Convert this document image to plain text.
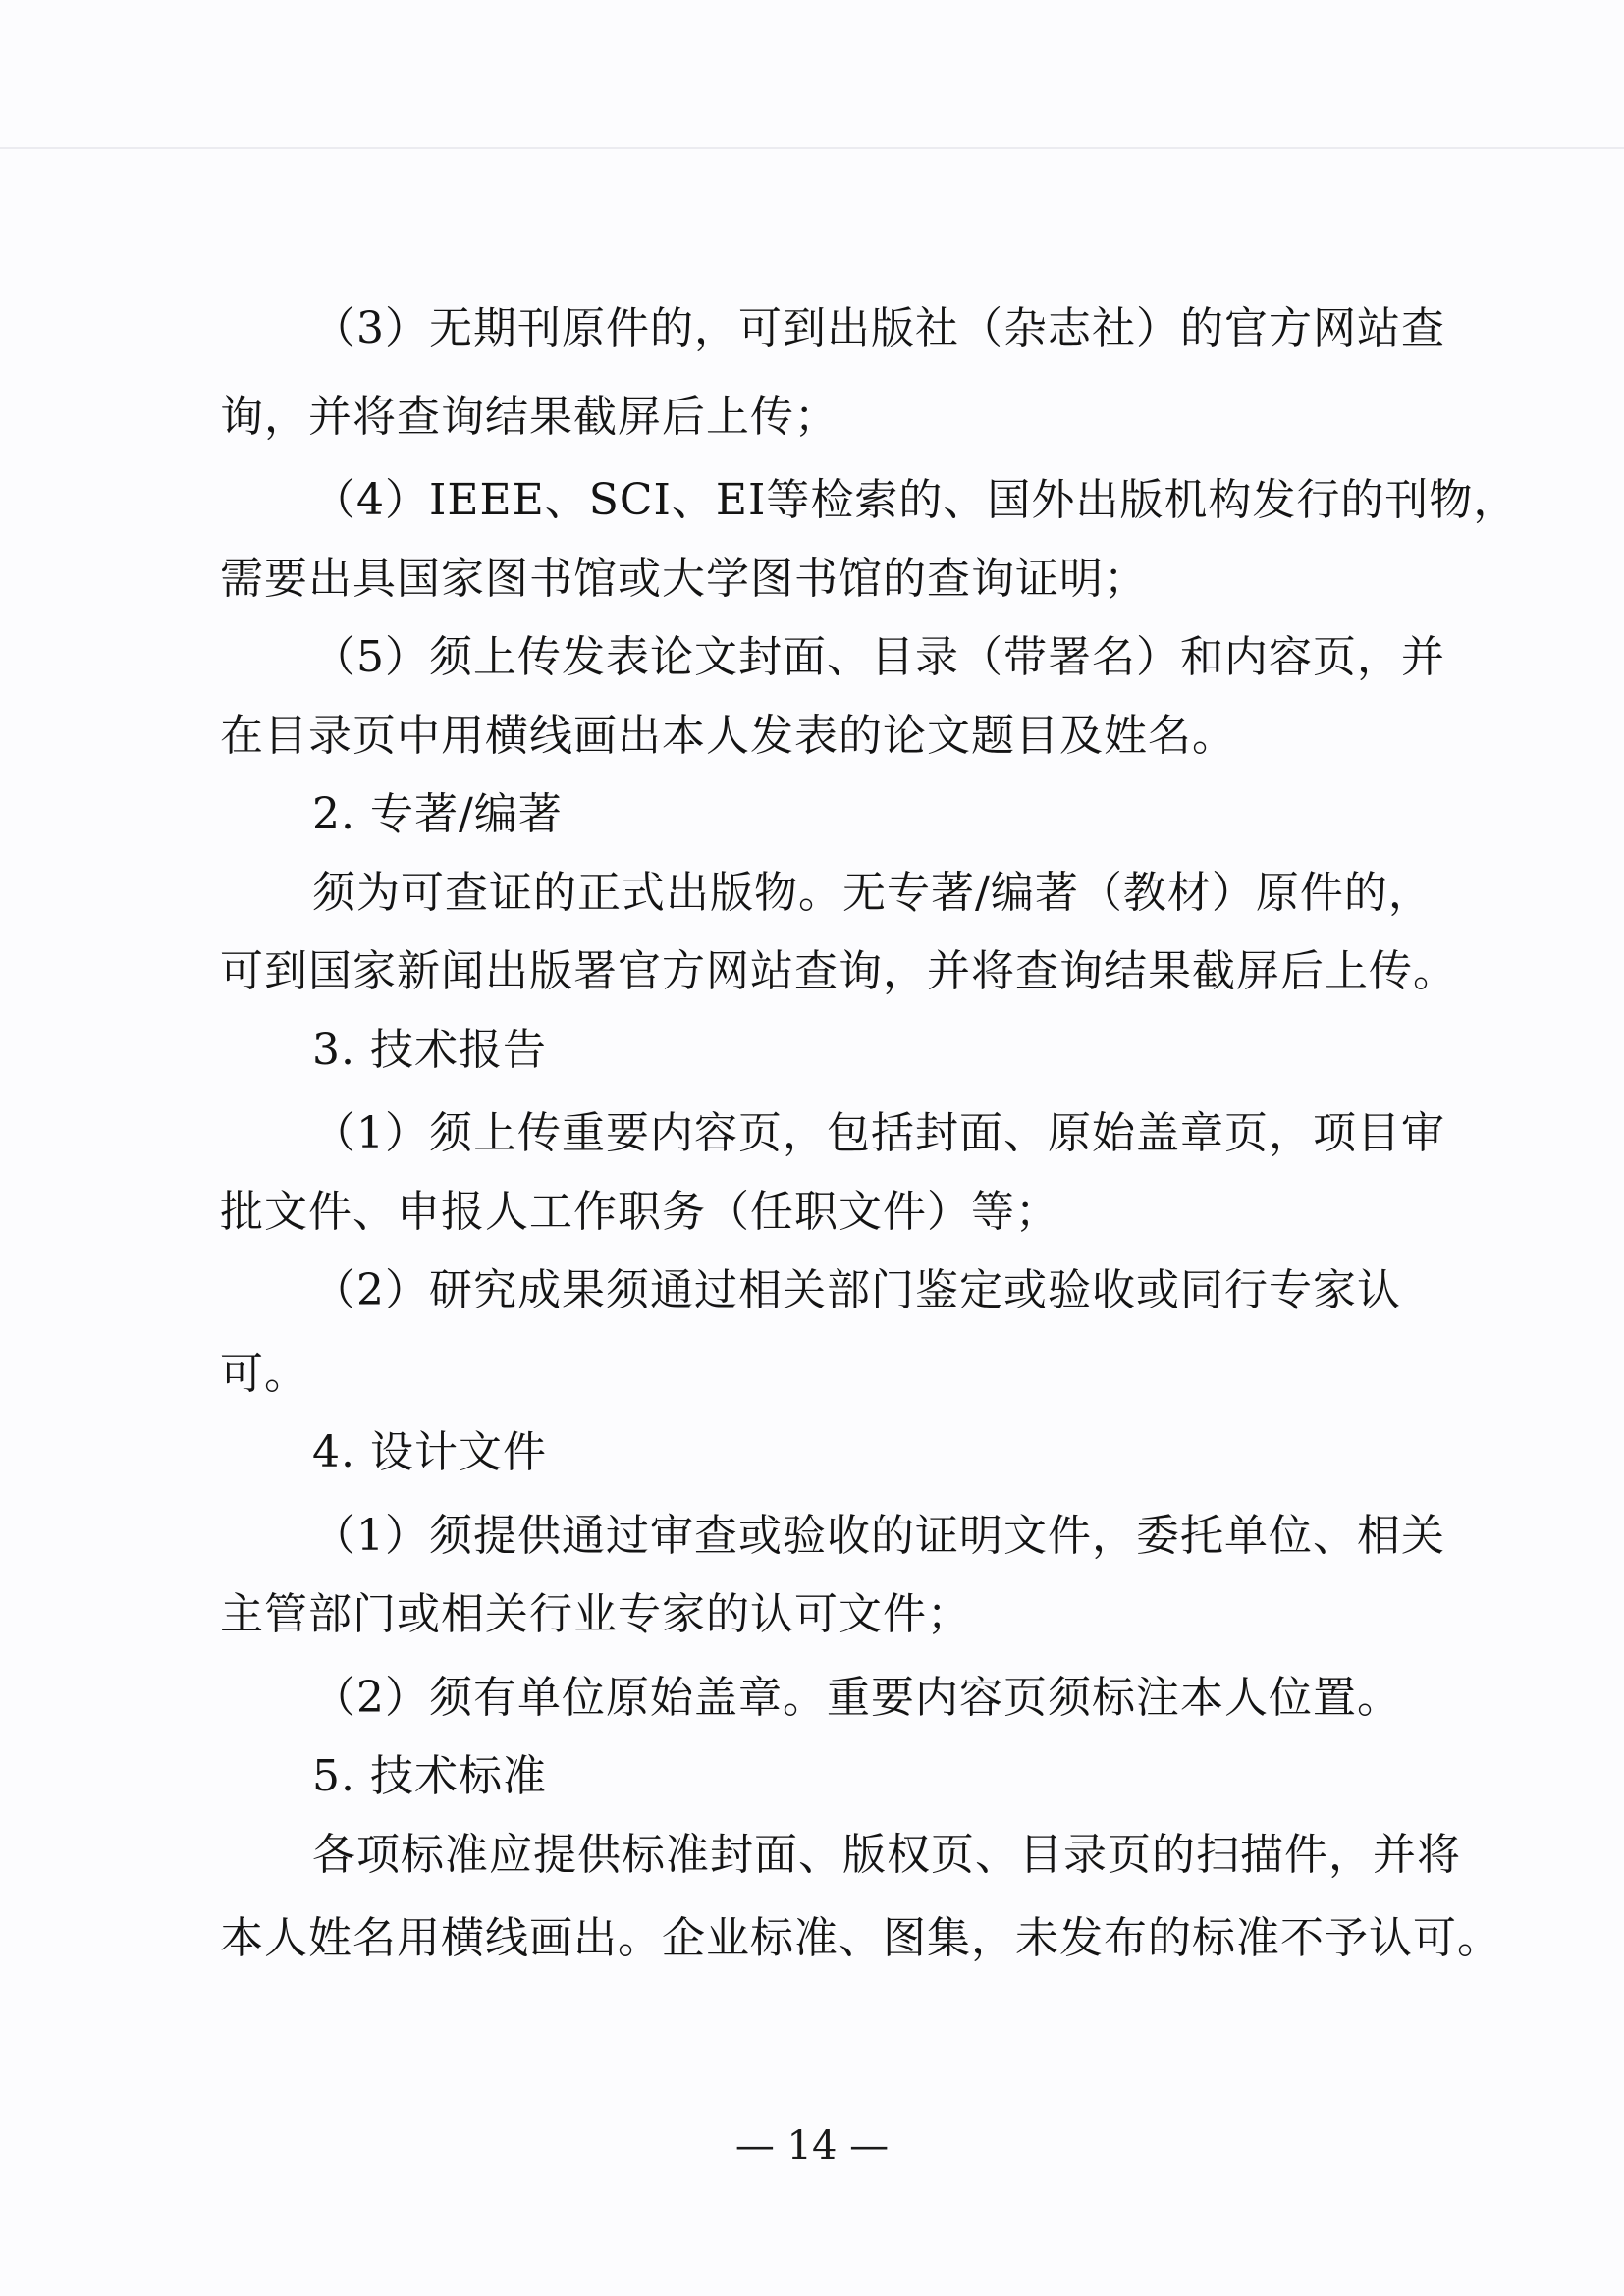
（3）无期刊原件的，可到出版社（杂志社）的官方网站查
询，并将查询结果截屏后上传；
（4）IEEE、SCI、EI等检索的、国外出版机构发行的刊物，
需要出具国家图书馆或大学图书馆的查询证明；
（5）须上传发表论文封面、目录（带署名）和内容页，并
在目录页中用横线画出本人发表的论文题目及姓名。
2. 专著/编著
须为可查证的正式出版物。无专著/编著（教材）原件的，
可到国家新闻出版署官方网站查询，并将查询结果截屏后上传。
3. 技术报告
（1）须上传重要内容页，包括封面、原始盖章页，项目审
批文件、申报人工作职务（任职文件）等；
（2）研究成果须通过相关部门鉴定或验收或同行专家认
可。
4. 设计文件
（1）须提供通过审查或验收的证明文件，委托单位、相关
主管部门或相关行业专家的认可文件；
（2）须有单位原始盖章。重要内容页须标注本人位置。
5. 技术标准
各项标准应提供标准封面、版权页、目录页的扫描件，并将
本人姓名用横线画出。企业标准、图集，未发布的标准不予认可。
— 14 —
